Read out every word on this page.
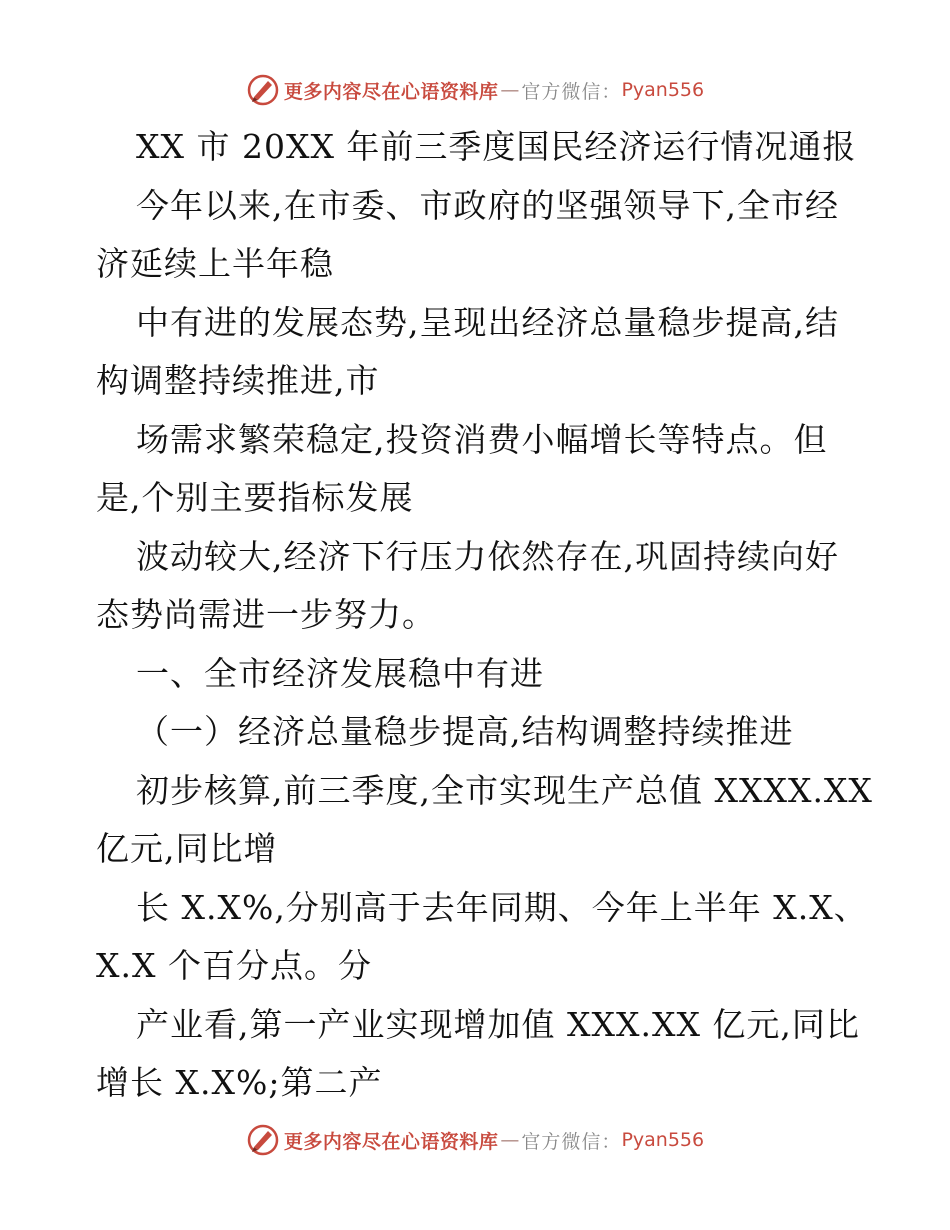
更多内容尽在心语资料库 — 官方微信： Pyan556
XX 市 20XX 年前三季度国民经济运行情况通报
今年以来,在市委、市政府的坚强领导下,全市经
济延续上半年稳
中有进的发展态势,呈现出经济总量稳步提高,结
构调整持续推进,市
场需求繁荣稳定,投资消费小幅增长等特点。但
是,个别主要指标发展
波动较大,经济下行压力依然存在,巩固持续向好
态势尚需进一步努力。
一、全市经济发展稳中有进
（一）经济总量稳步提高,结构调整持续推进
初步核算,前三季度,全市实现生产总值 XXXX.XX
亿元,同比增
长 X.X%,分别高于去年同期、今年上半年 X.X、
X.X 个百分点。分
产业看,第一产业实现增加值 XXX.XX 亿元,同比
增长 X.X%;第二产
更多内容尽在心语资料库 — 官方微信： Pyan556
